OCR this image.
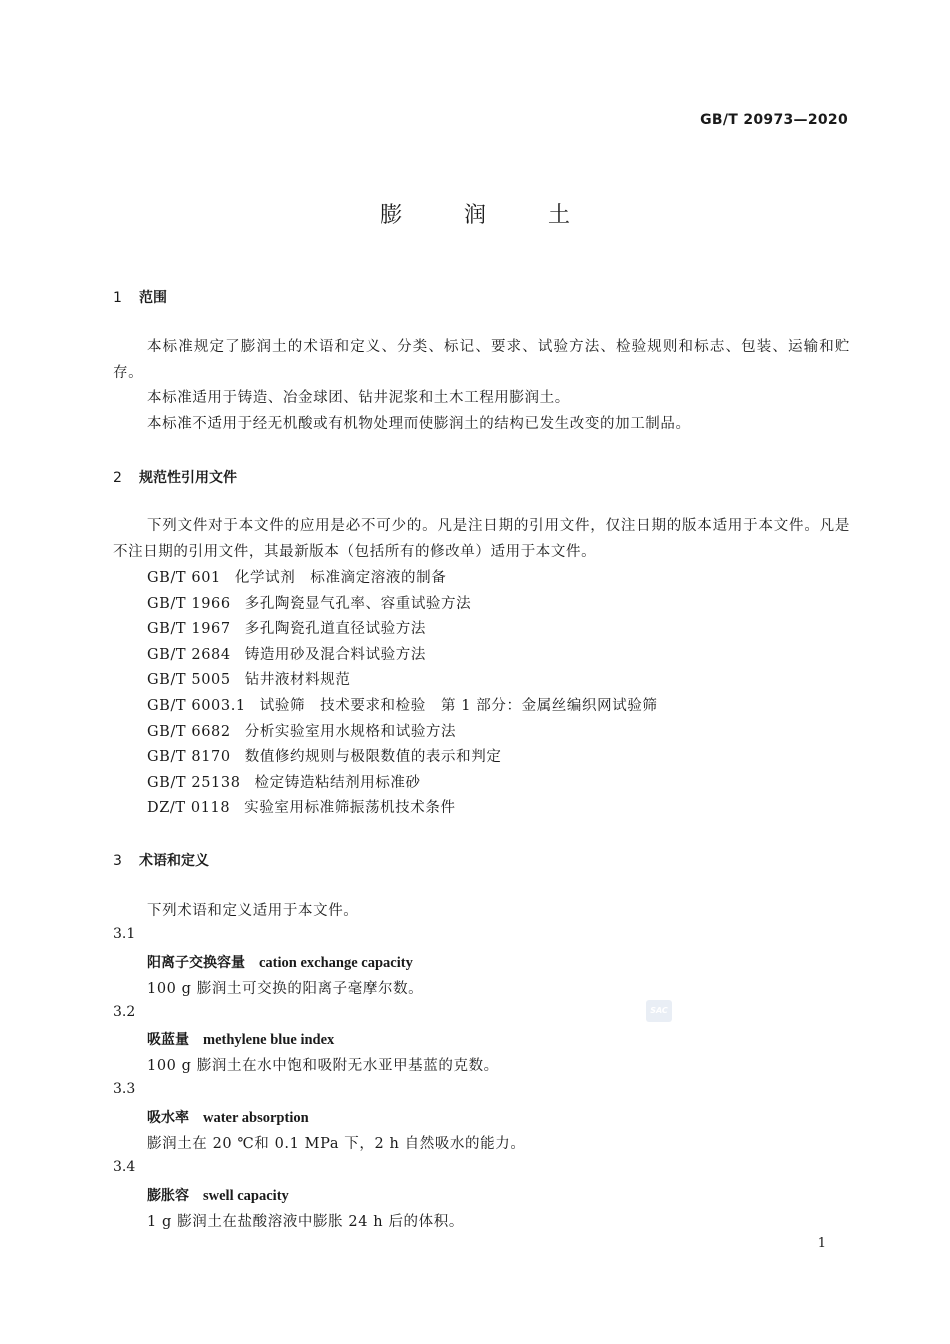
GB/T 20973—2020
膨　润　土
1 范围
本标准规定了膨润土的术语和定义、分类、标记、要求、试验方法、检验规则和标志、包装、运输和贮存。
本标准适用于铸造、冶金球团、钻井泥浆和土木工程用膨润土。
本标准不适用于经无机酸或有机物处理而使膨润土的结构已发生改变的加工制品。
2 规范性引用文件
下列文件对于本文件的应用是必不可少的。凡是注日期的引用文件，仅注日期的版本适用于本文件。凡是不注日期的引用文件，其最新版本（包括所有的修改单）适用于本文件。
GB/T 601 化学试剂　标准滴定溶液的制备
GB/T 1966 多孔陶瓷显气孔率、容重试验方法
GB/T 1967 多孔陶瓷孔道直径试验方法
GB/T 2684 铸造用砂及混合料试验方法
GB/T 5005 钻井液材料规范
GB/T 6003.1 试验筛　技术要求和检验　第 1 部分：金属丝编织网试验筛
GB/T 6682 分析实验室用水规格和试验方法
GB/T 8170 数值修约规则与极限数值的表示和判定
GB/T 25138 检定铸造粘结剂用标准砂
DZ/T 0118 实验室用标准筛振荡机技术条件
3 术语和定义
下列术语和定义适用于本文件。
3.1
阳离子交换容量 cation exchange capacity
100 g 膨润土可交换的阳离子毫摩尔数。
3.2
吸蓝量 methylene blue index
100 g 膨润土在水中饱和吸附无水亚甲基蓝的克数。
3.3
吸水率 water absorption
膨润土在 20 ℃和 0.1 MPa 下，2 h 自然吸水的能力。
3.4
膨胀容 swell capacity
1 g 膨润土在盐酸溶液中膨胀 24 h 后的体积。
SAC
1
